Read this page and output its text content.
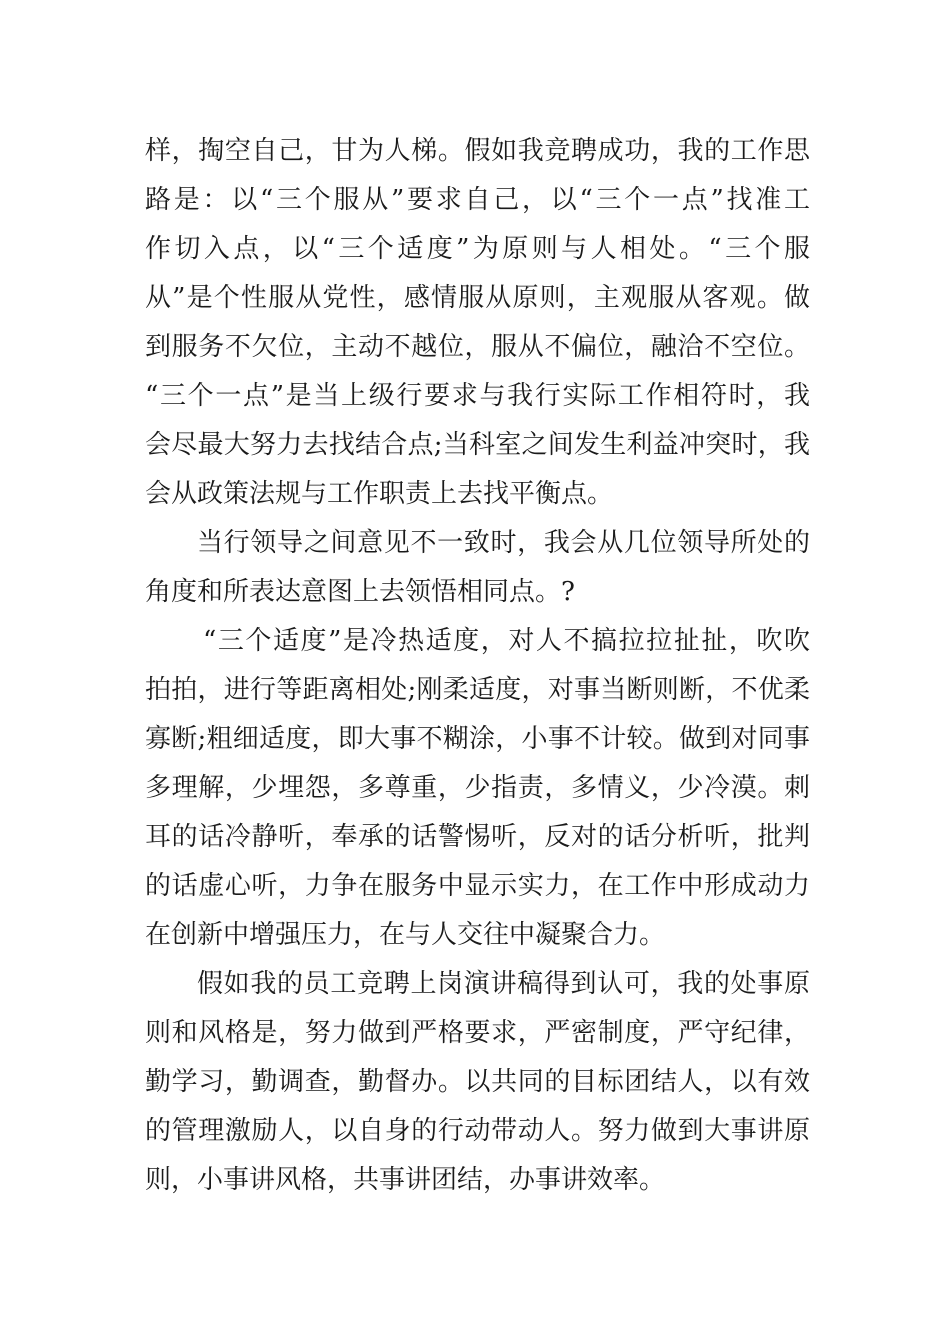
样，掏空自己，甘为人梯。假如我竞聘成功，我的工作思
路是：以“三个服从”要求自己，以“三个一点”找准工
作切入点，以“三个适度”为原则与人相处。“三个服
从”是个性服从党性，感情服从原则，主观服从客观。做
到服务不欠位，主动不越位，服从不偏位，融洽不空位。
“三个一点”是当上级行要求与我行实际工作相符时，我
会尽最大努力去找结合点;当科室之间发生利益冲突时，我
会从政策法规与工作职责上去找平衡点。
当行领导之间意见不一致时，我会从几位领导所处的
角度和所表达意图上去领悟相同点。?
“三个适度”是冷热适度，对人不搞拉拉扯扯，吹吹
拍拍，进行等距离相处;刚柔适度，对事当断则断，不优柔
寡断;粗细适度，即大事不糊涂，小事不计较。做到对同事
多理解，少埋怨，多尊重，少指责，多情义，少冷漠。刺
耳的话冷静听，奉承的话警惕听，反对的话分析听，批判
的话虚心听，力争在服务中显示实力，在工作中形成动力
在创新中增强压力，在与人交往中凝聚合力。
假如我的员工竞聘上岗演讲稿得到认可，我的处事原
则和风格是，努力做到严格要求，严密制度，严守纪律，
勤学习，勤调查，勤督办。以共同的目标团结人，以有效
的管理激励人，以自身的行动带动人。努力做到大事讲原
则，小事讲风格，共事讲团结，办事讲效率。
